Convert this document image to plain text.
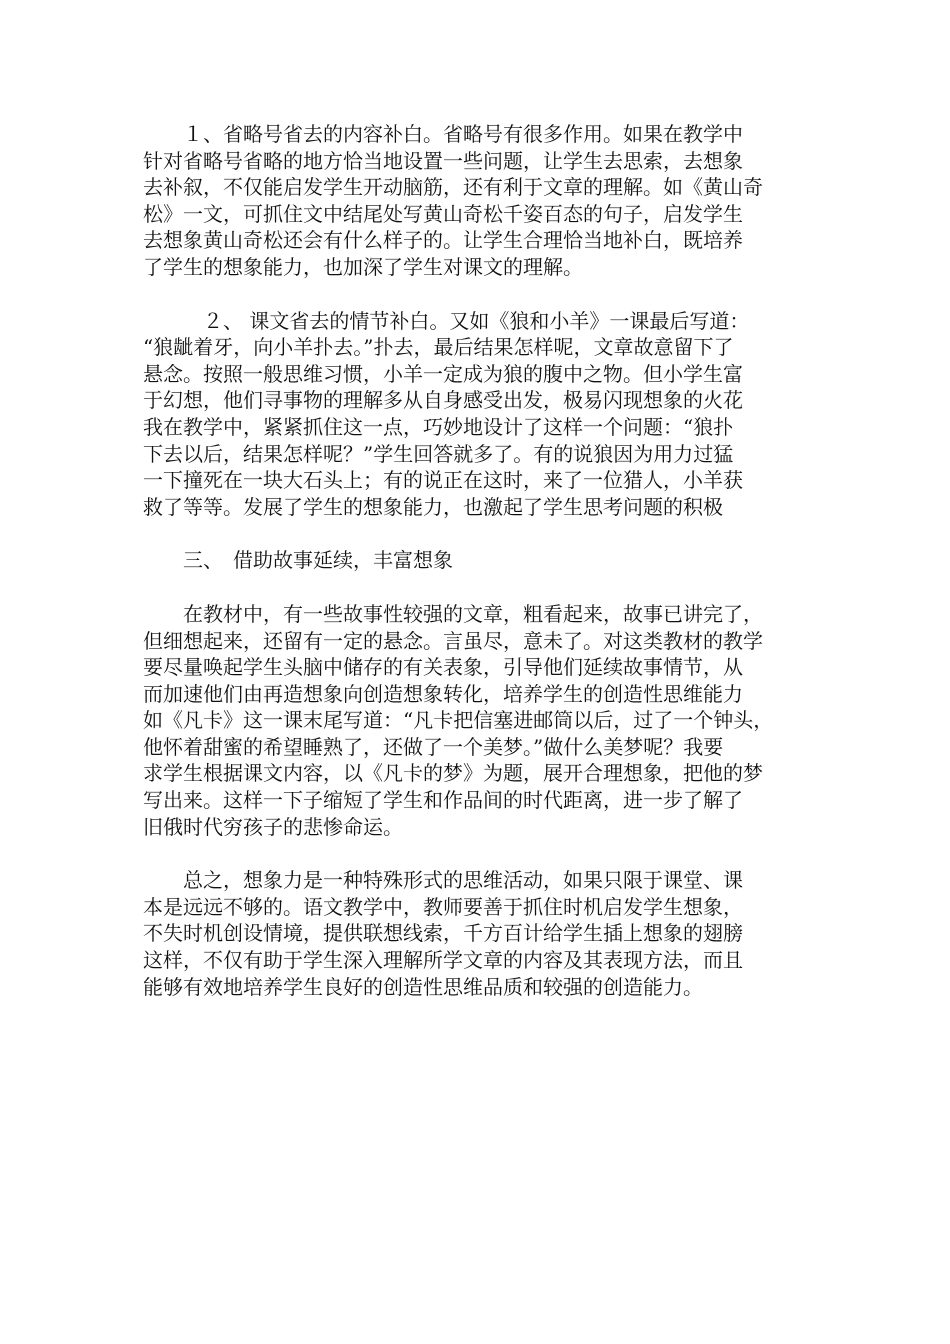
　　１、省略号省去的内容补白。省略号有很多作用。如果在教学中
针对省略号省略的地方恰当地设置一些问题，让学生去思索，去想象
去补叙，不仅能启发学生开动脑筋，还有利于文章的理解。如《黄山奇
松》一文，可抓住文中结尾处写黄山奇松千姿百态的句子，启发学生
去想象黄山奇松还会有什么样子的。让学生合理恰当地补白，既培养
了学生的想象能力，也加深了学生对课文的理解。

　　　２、 课文省去的情节补白。又如《狼和小羊》一课最后写道：
“狼龇着牙，向小羊扑去。”扑去，最后结果怎样呢，文章故意留下了
悬念。按照一般思维习惯，小羊一定成为狼的腹中之物。但小学生富
于幻想，他们寻事物的理解多从自身感受出发，极易闪现想象的火花
我在教学中，紧紧抓住这一点，巧妙地设计了这样一个问题：“狼扑
下去以后，结果怎样呢？”学生回答就多了。有的说狼因为用力过猛
一下撞死在一块大石头上；有的说正在这时，来了一位猎人，小羊获
救了等等。发展了学生的想象能力，也激起了学生思考问题的积极

　　三、　借助故事延续，丰富想象

　　在教材中，有一些故事性较强的文章，粗看起来，故事已讲完了，
但细想起来，还留有一定的悬念。言虽尽，意未了。对这类教材的教学
要尽量唤起学生头脑中储存的有关表象，引导他们延续故事情节，从
而加速他们由再造想象向创造想象转化，培养学生的创造性思维能力
如《凡卡》这一课末尾写道：“凡卡把信塞进邮筒以后，过了一个钟头，
他怀着甜蜜的希望睡熟了，还做了一个美梦。”做什么美梦呢？我要
求学生根据课文内容，以《凡卡的梦》为题，展开合理想象，把他的梦
写出来。这样一下子缩短了学生和作品间的时代距离，进一步了解了
旧俄时代穷孩子的悲惨命运。

　　总之，想象力是一种特殊形式的思维活动，如果只限于课堂、课
本是远远不够的。语文教学中，教师要善于抓住时机启发学生想象，
不失时机创设情境，提供联想线索，千方百计给学生插上想象的翅膀
这样，不仅有助于学生深入理解所学文章的内容及其表现方法，而且
能够有效地培养学生良好的创造性思维品质和较强的创造能力。
